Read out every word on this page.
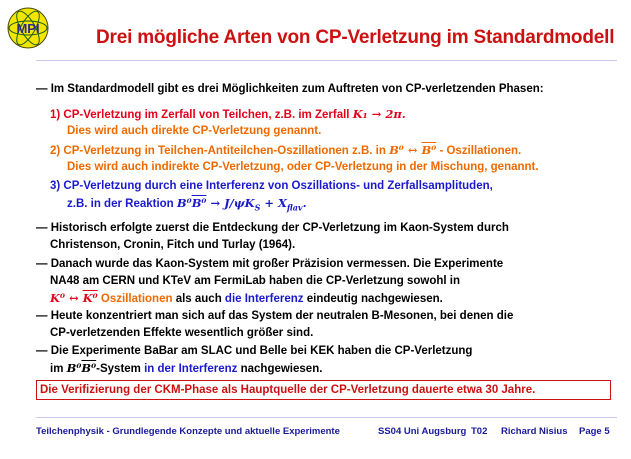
MPI	Drei mögliche Arten von CP-Verletzung im Standardmodell
— Im Standardmodell gibt es drei Möglichkeiten zum Auftreten von CP-verletzenden Phasen:
1) CP-Verletzung im Zerfall von Teilchen, z.B. im Zerfall K₁ → 2π.
Dies wird auch direkte CP-Verletzung genannt.
2) CP-Verletzung in Teilchen-Antiteilchen-Oszillationen z.B. in B⁰ ↔ B⁰ - Oszillationen.
Dies wird auch indirekte CP-Verletzung, oder CP-Verletzung in der Mischung, genannt.
3) CP-Verletzung durch eine Interferenz von Oszillations- und Zerfallsamplituden,
z.B. in der Reaktion $B^0B^0 \to J/\psi K_S + X_{flav}$.
— Historisch erfolgte zuerst die Entdeckung der CP-Verletzung im Kaon-System durch
Christenson, Cronin, Fitch und Turlay (1964).
— Danach wurde das Kaon-System mit großer Präzision vermessen. Die Experimente
NA48 am CERN und KTeV am FermiLab haben die CP-Verletzung sowohl in
K⁰ ↔ K⁰ Oszillationen als auch die Interferenz eindeutig nachgewiesen.
— Heute konzentriert man sich auf das System der neutralen B-Mesonen, bei denen die
CP-verletzenden Effekte wesentlich größer sind.
— Die Experimente BaBar am SLAC und Belle bei KEK haben die CP-Verletzung
im B⁰B⁰-System in der Interferenz nachgewiesen.
Die Verifizierung der CKM-Phase als Hauptquelle der CP-Verletzung dauerte etwa 30 Jahre.
Teilchenphysik - Grundlegende Konzepte und aktuelle Experimente	SS04 Uni Augsburg T02 Richard Nisius Page 5
